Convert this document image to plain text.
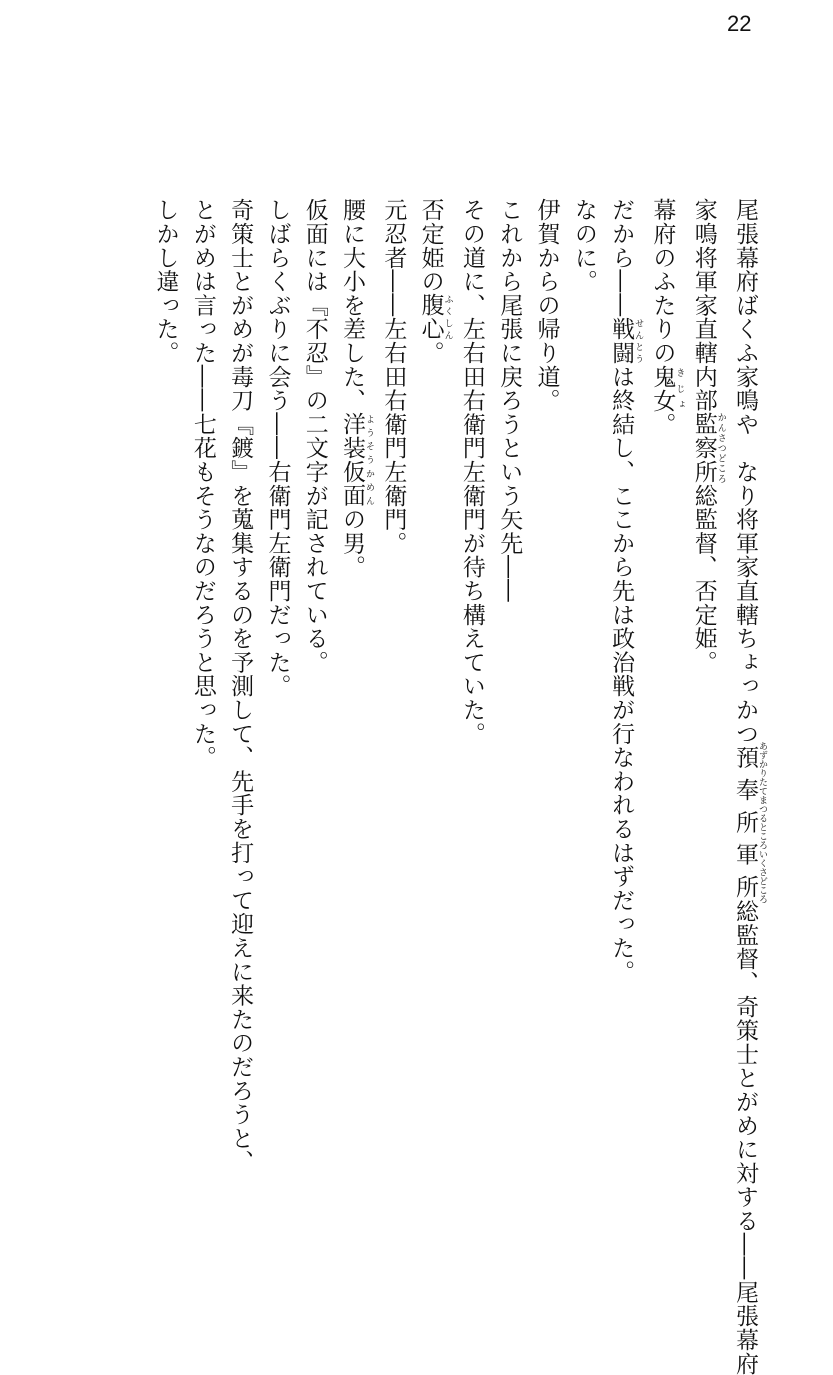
22

尾張幕府ばくふ家鳴や　なり将軍家直轄ちょっかつ預奉所軍所 あずかりたてまつるところいくさどころ総監督、奇策士とがめに対する――尾張幕府

家鳴将軍家直轄内部監察所 かんさつどころ総監督、否定姫。

幕府のふたりの鬼女 きじょ。

だから――戦闘 せんとうは終結し、ここから先は政治戦が行なわれるはずだった。

なのに。

伊賀からの帰り道。

これから尾張に戻ろうという矢先――

その道に、左右田右衛門左衛門が待ち構えていた。

否定姫の腹心 ふくしん。

元忍者――左右田右衛門左衛門。

腰に大小を差した、洋装仮面 ようそうかめんの男。

仮面には『不忍』の二文字が記されている。

しばらくぶりに会う――右衛門左衛門だった。

奇策士とがめが毒刀『鍍』を蒐集するのを予測して、先手を打って迎えに来たのだろうと、

とがめは言った――七花もそうなのだろうと思った。

しかし違った。
